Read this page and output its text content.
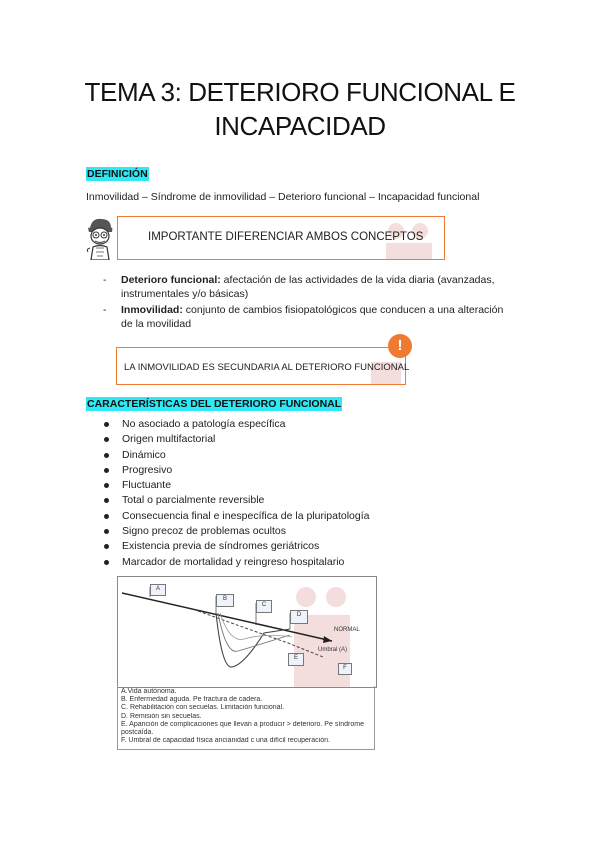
TEMA 3: DETERIORO FUNCIONAL E
INCAPACIDAD
DEFINICIÓN
Inmovilidad – Síndrome de inmovilidad – Deterioro funcional – Incapacidad funcional
IMPORTANTE DIFERENCIAR AMBOS CONCEPTOS
- Deterioro funcional: afectación de las actividades de la vida diaria (avanzadas, instrumentales y/o básicas)
- Inmovilidad: conjunto de cambios fisiopatológicos que conducen a una alteración de la movilidad
LA INMOVILIDAD ES SECUNDARIA AL DETERIORO FUNCIONAL
!
CARACTERÍSTICAS DEL DETERIORO FUNCIONAL
No asociado a patología específica
Origen multifactorial
Dinámico
Progresivo
Fluctuante
Total o parcialmente reversible
Consecuencia final e inespecífica de la pluripatología
Signo precoz de problemas ocultos
Existencia previa de síndromes geriátricos
Marcador de mortalidad y reingreso hospitalario
A
B
C
D
E
F
NORMAL
Umbral (A)
A.Vida autónoma.
B. Enfermedad aguda. Pe fractura de cadera.
C. Rehabilitación con secuelas. Limitación funcional.
D. Remisión sin secuelas.
E. Aparición de complicaciones que llevan a producir > deterioro. Pe síndrome postcaída.
F. Umbral de capacidad física ancianidad c una difícil recuperación.
